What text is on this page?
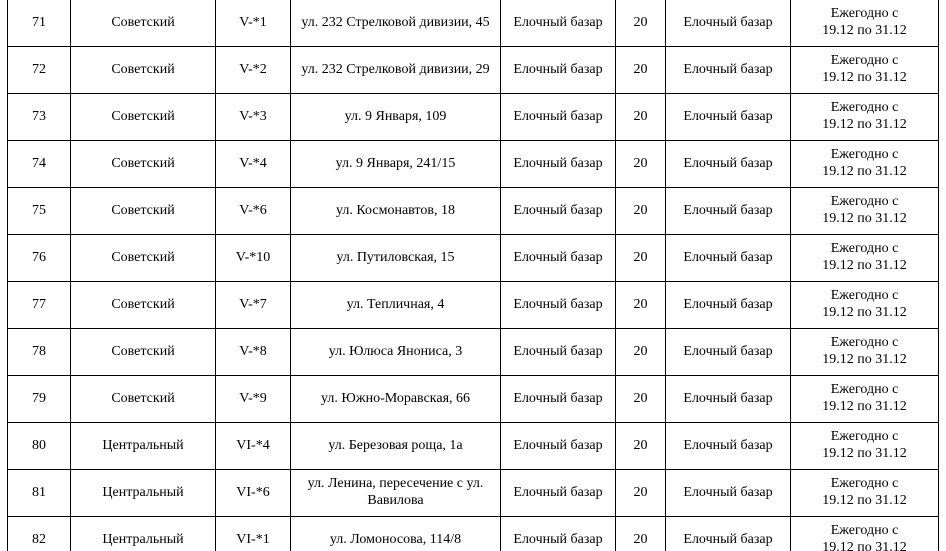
71	Советский	V-*1	ул. 232 Стрелковой дивизии, 45	Елочный базар	20	Елочный базар	Ежегодно с
19.12 по 31.12

72	Советский	V-*2	ул. 232 Стрелковой дивизии, 29	Елочный базар	20	Елочный базар	Ежегодно с
19.12 по 31.12

73	Советский	V-*3	ул. 9 Января, 109	Елочный базар	20	Елочный базар	Ежегодно с
19.12 по 31.12

74	Советский	V-*4	ул. 9 Января, 241/15	Елочный базар	20	Елочный базар	Ежегодно с
19.12 по 31.12

75	Советский	V-*6	ул. Космонавтов, 18	Елочный базар	20	Елочный базар	Ежегодно с
19.12 по 31.12

76	Советский	V-*10	ул. Путиловская, 15	Елочный базар	20	Елочный базар	Ежегодно с
19.12 по 31.12

77	Советский	V-*7	ул. Тепличная, 4	Елочный базар	20	Елочный базар	Ежегодно с
19.12 по 31.12

78	Советский	V-*8	ул. Юлюса Янониса, 3	Елочный базар	20	Елочный базар	Ежегодно с
19.12 по 31.12

79	Советский	V-*9	ул. Южно-Моравская, 66	Елочный базар	20	Елочный базар	Ежегодно с
19.12 по 31.12

80	Центральный	VI-*4	ул. Березовая роща, 1а	Елочный базар	20	Елочный базар	Ежегодно с
19.12 по 31.12

81	Центральный	VI-*6	ул. Ленина, пересечение с ул. Вавилова	Елочный базар	20	Елочный базар	Ежегодно с
19.12 по 31.12

82	Центральный	VI-*1	ул. Ломоносова, 114/8	Елочный базар	20	Елочный базар	Ежегодно с
19.12 по 31.12
